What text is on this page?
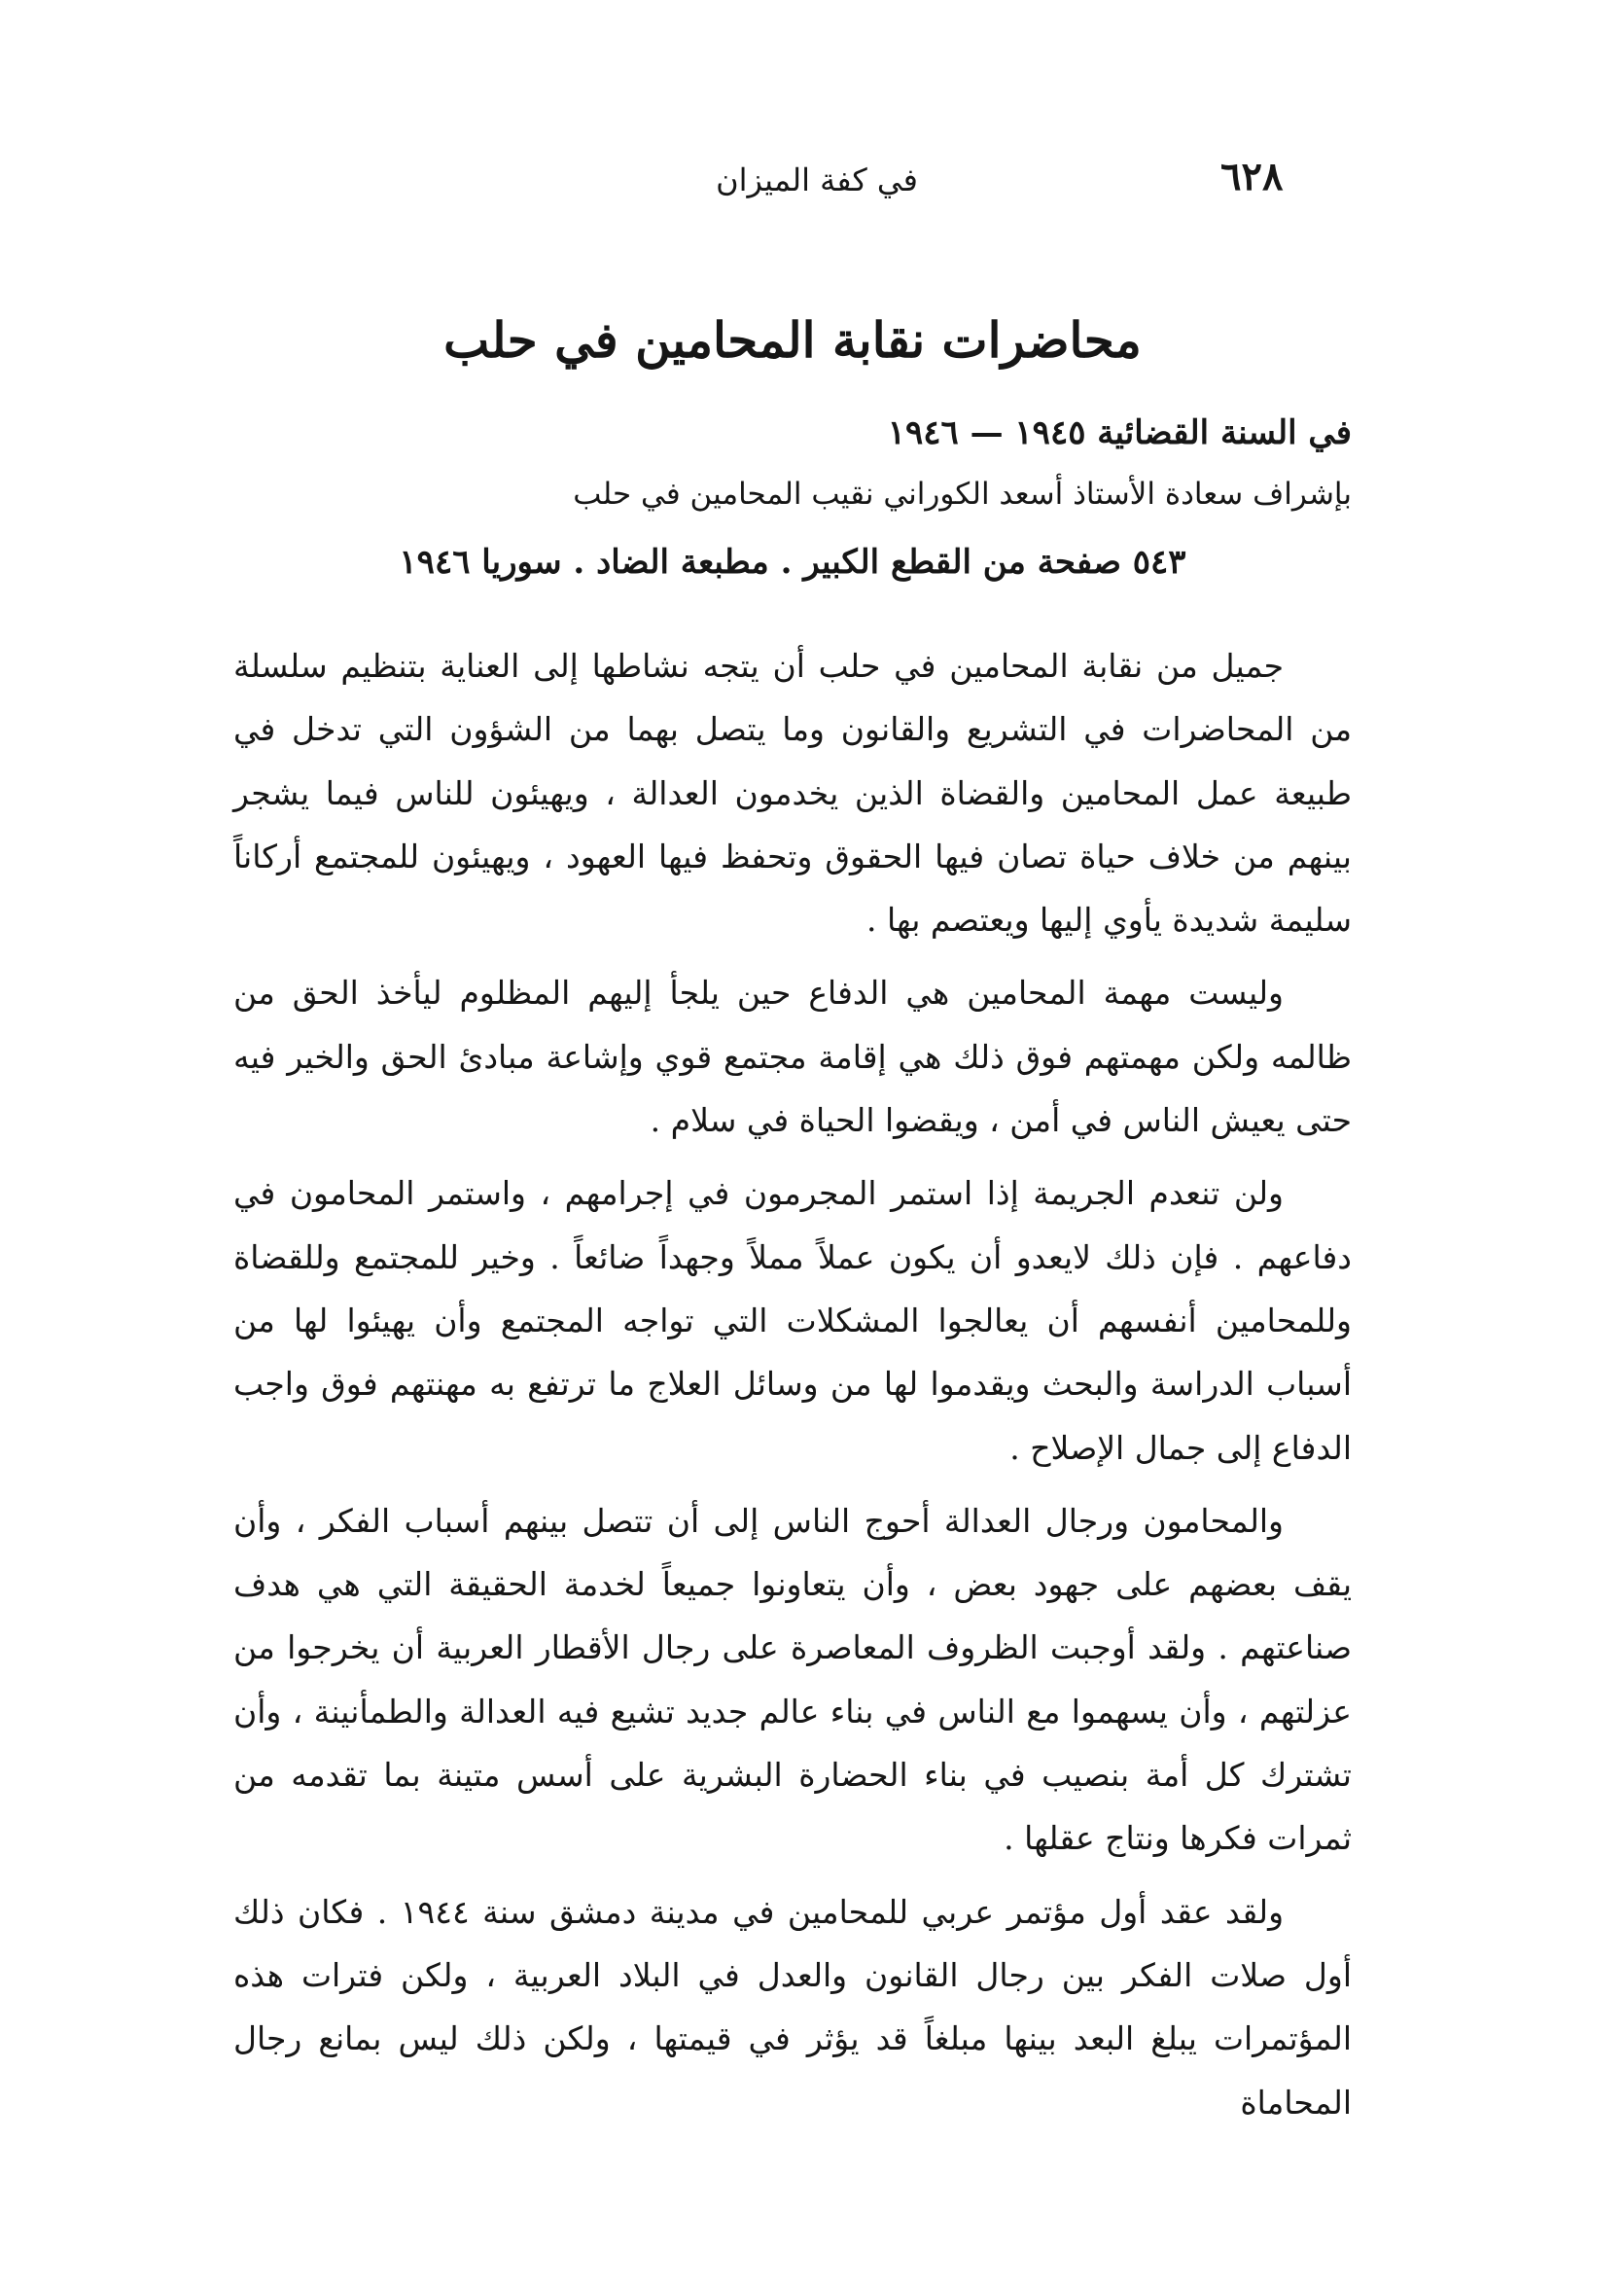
٦٢٨
في كفة الميزان
محاضرات نقابة المحامين في حلب
في السنة القضائية ١٩٤٥ — ١٩٤٦
بإشراف سعادة الأستاذ أسعد الكوراني نقيب المحامين في حلب
٥٤٣ صفحة من القطع الكبير . مطبعة الضاد . سوريا ١٩٤٦

جميل من نقابة المحامين في حلب أن يتجه نشاطها إلى العناية بتنظيم سلسلة من المحاضرات في التشريع والقانون وما يتصل بهما من الشؤون التي تدخل في طبيعة عمل المحامين والقضاة الذين يخدمون العدالة ، ويهيئون للناس فيما يشجر بينهم من خلاف حياة تصان فيها الحقوق وتحفظ فيها العهود ، ويهيئون للمجتمع أركاناً سليمة شديدة يأوي إليها ويعتصم بها .

وليست مهمة المحامين هي الدفاع حين يلجأ إليهم المظلوم ليأخذ الحق من ظالمه ولكن مهمتهم فوق ذلك هي إقامة مجتمع قوي وإشاعة مبادئ الحق والخير فيه حتى يعيش الناس في أمن ، ويقضوا الحياة في سلام .

ولن تنعدم الجريمة إذا استمر المجرمون في إجرامهم ، واستمر المحامون في دفاعهم . فإن ذلك لايعدو أن يكون عملاً مملاً وجهداً ضائعاً . وخير للمجتمع وللقضاة وللمحامين أنفسهم أن يعالجوا المشكلات التي تواجه المجتمع وأن يهيئوا لها من أسباب الدراسة والبحث ويقدموا لها من وسائل العلاج ما ترتفع به مهنتهم فوق واجب الدفاع إلى جمال الإصلاح .

والمحامون ورجال العدالة أحوج الناس إلى أن تتصل بينهم أسباب الفكر ، وأن يقف بعضهم على جهود بعض ، وأن يتعاونوا جميعاً لخدمة الحقيقة التي هي هدف صناعتهم . ولقد أوجبت الظروف المعاصرة على رجال الأقطار العربية أن يخرجوا من عزلتهم ، وأن يسهموا مع الناس في بناء عالم جديد تشيع فيه العدالة والطمأنينة ، وأن تشترك كل أمة بنصيب في بناء الحضارة البشرية على أسس متينة بما تقدمه من ثمرات فكرها ونتاج عقلها .

ولقد عقد أول مؤتمر عربي للمحامين في مدينة دمشق سنة ١٩٤٤ . فكان ذلك أول صلات الفكر بين رجال القانون والعدل في البلاد العربية ، ولكن فترات هذه المؤتمرات يبلغ البعد بينها مبلغاً قد يؤثر في قيمتها ، ولكن ذلك ليس بمانع رجال المحاماة
